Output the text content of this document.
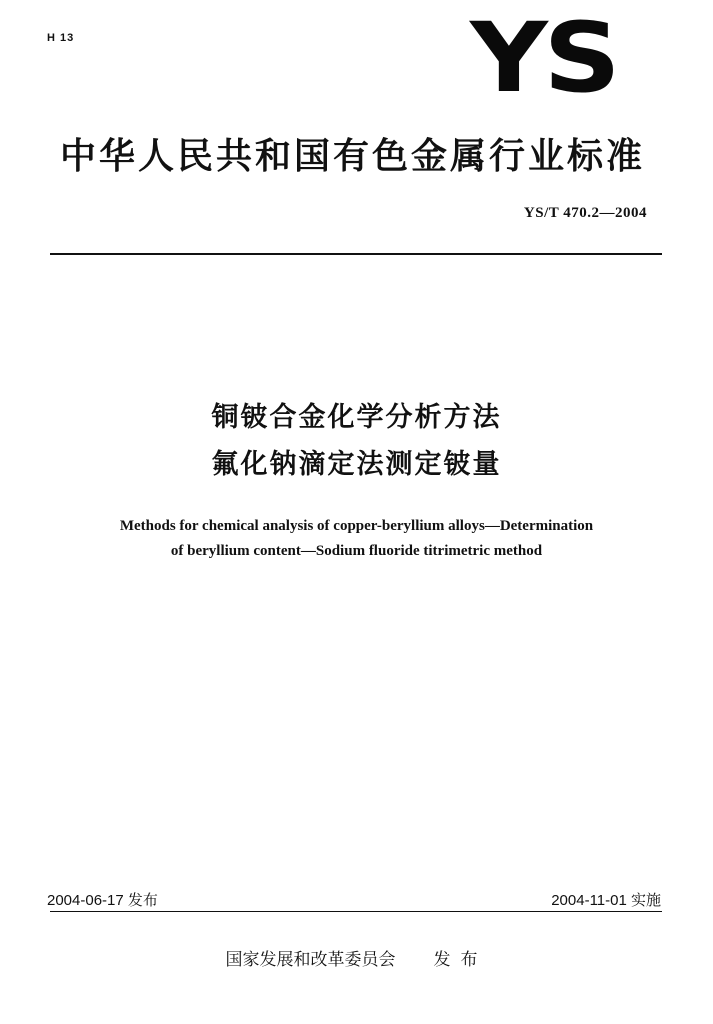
H 13	YS
中华人民共和国有色金属行业标准
YS/T 470.2—2004
铜铍合金化学分析方法
氟化钠滴定法测定铍量
Methods for chemical analysis of copper-beryllium alloys—Determination
of beryllium content—Sodium fluoride titrimetric method
2004-06-17 发布	2004-11-01 实施
国家发展和改革委员会 发布
